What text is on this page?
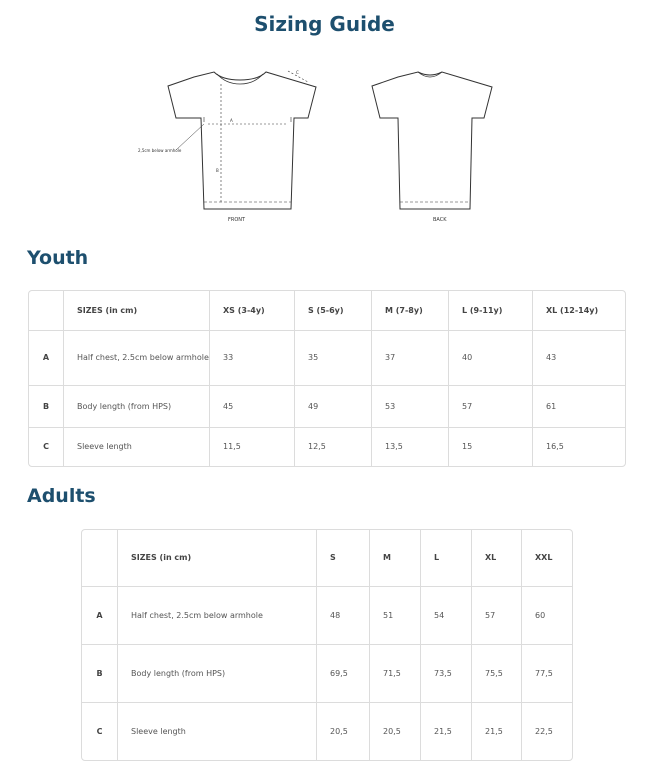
Sizing Guide
A
B
C
2,5cm below armhole
FRONT	BACK
Youth
	SIZES (in cm)	XS (3-4y)	S (5-6y)	M (7-8y)	L (9-11y)	XL (12-14y)
A	Half chest, 2.5cm below armhole	33	35	37	40	43
B	Body length (from HPS)	45	49	53	57	61
C	Sleeve length	11,5	12,5	13,5	15	16,5
Adults
	SIZES (in cm)	S	M	L	XL	XXL
A	Half chest, 2.5cm below armhole	48	51	54	57	60
B	Body length (from HPS)	69,5	71,5	73,5	75,5	77,5
C	Sleeve length	20,5	20,5	21,5	21,5	22,5
